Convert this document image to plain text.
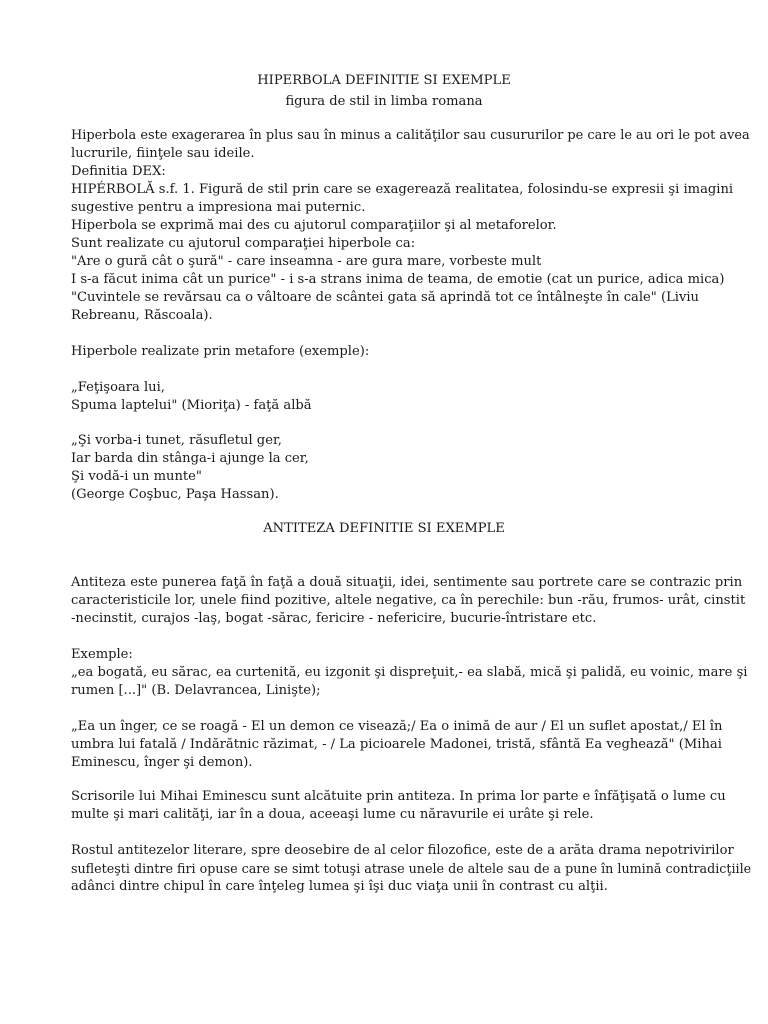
HIPERBOLA DEFINITIE SI EXEMPLE

figura de stil in limba romana

Hiperbola este exagerarea în plus sau în minus a calităţilor sau cusururilor pe care le au ori le pot avea

lucrurile, fiinţele sau ideile.

Definitia DEX:

HIPÉRBOLĂ s.f. 1. Figură de stil prin care se exagerează realitatea, folosindu-se expresii şi imagini

sugestive pentru a impresiona mai puternic.

Hiperbola se exprimă mai des cu ajutorul comparaţiilor şi al metaforelor.

Sunt realizate cu ajutorul comparaţiei hiperbole ca:

"Are o gură cât o şură" - care inseamna - are gura mare, vorbeste mult

I s-a făcut inima cât un purice" - i s-a strans inima de teama, de emotie (cat un purice, adica mica)

"Cuvintele se revărsau ca o vâltoare de scântei gata să aprindă tot ce întâlneşte în cale" (Liviu

Rebreanu, Răscoala).

Hiperbole realizate prin metafore (exemple):

„Feţişoara lui,

Spuma laptelui" (Mioriţa) - faţă albă

„Şi vorba-i tunet, răsufletul ger,

Iar barda din stânga-i ajunge la cer,

Şi vodă-i un munte"

(George Coşbuc, Paşa Hassan).

ANTITEZA DEFINITIE SI EXEMPLE

Antiteza este punerea faţă în faţă a două situaţii, idei, sentimente sau portrete care se contrazic prin

caracteristicile lor, unele fiind pozitive, altele negative, ca în perechile: bun -rău, frumos- urât, cinstit

-necinstit, curajos -laş, bogat -sărac, fericire - nefericire, bucurie-întristare etc.

Exemple:

„ea bogată, eu sărac, ea curtenită, eu izgonit şi dispreţuit,- ea slabă, mică şi palidă, eu voinic, mare şi

rumen [...]" (B. Delavrancea, Linişte);

„Ea un înger, ce se roagă - El un demon ce visează;/ Ea o inimă de aur / El un suflet apostat,/ El în

umbra lui fatală / Indărătnic răzimat, - / La picioarele Madonei, tristă, sfântă Ea veghează" (Mihai

Eminescu, înger şi demon).

Scrisorile lui Mihai Eminescu sunt alcătuite prin antiteza. In prima lor parte e înfăţişată o lume cu

multe şi mari calităţi, iar în a doua, aceeaşi lume cu năravurile ei urâte şi rele.

Rostul antitezelor literare, spre deosebire de al celor filozofice, este de a arăta drama nepotrivirilor

sufleteşti dintre firi opuse care se simt totuşi atrase unele de altele sau de a pune în lumină contradicţiile

adânci dintre chipul în care înţeleg lumea şi îşi duc viaţa unii în contrast cu alţii.
